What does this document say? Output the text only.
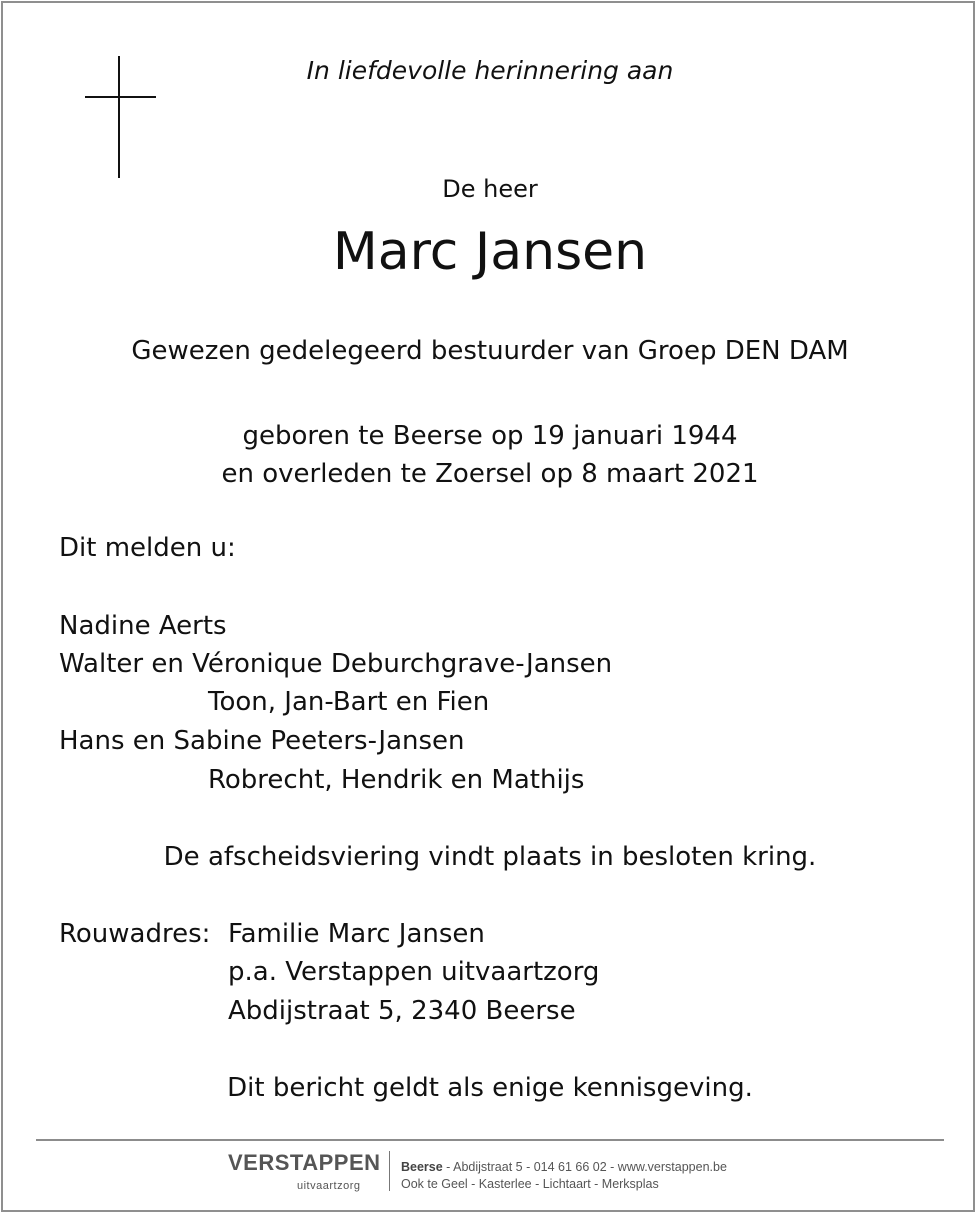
In liefdevolle herinnering aan
De heer
Marc Jansen
Gewezen gedelegeerd bestuurder van Groep DEN DAM
geboren te Beerse op 19 januari 1944
en overleden te Zoersel op 8 maart 2021
Dit melden u:
Nadine Aerts
Walter en Véronique Deburchgrave-Jansen
Toon, Jan-Bart en Fien
Hans en Sabine Peeters-Jansen
Robrecht, Hendrik en Mathijs
De afscheidsviering vindt plaats in besloten kring.
Rouwadres: Familie Marc Jansen
p.a. Verstappen uitvaartzorg
Abdijstraat 5, 2340 Beerse
Dit bericht geldt als enige kennisgeving.
VERSTAPPEN
uitvaartzorg
Beerse - Abdijstraat 5 - 014 61 66 02 - www.verstappen.be
Ook te Geel - Kasterlee - Lichtaart - Merksplas
